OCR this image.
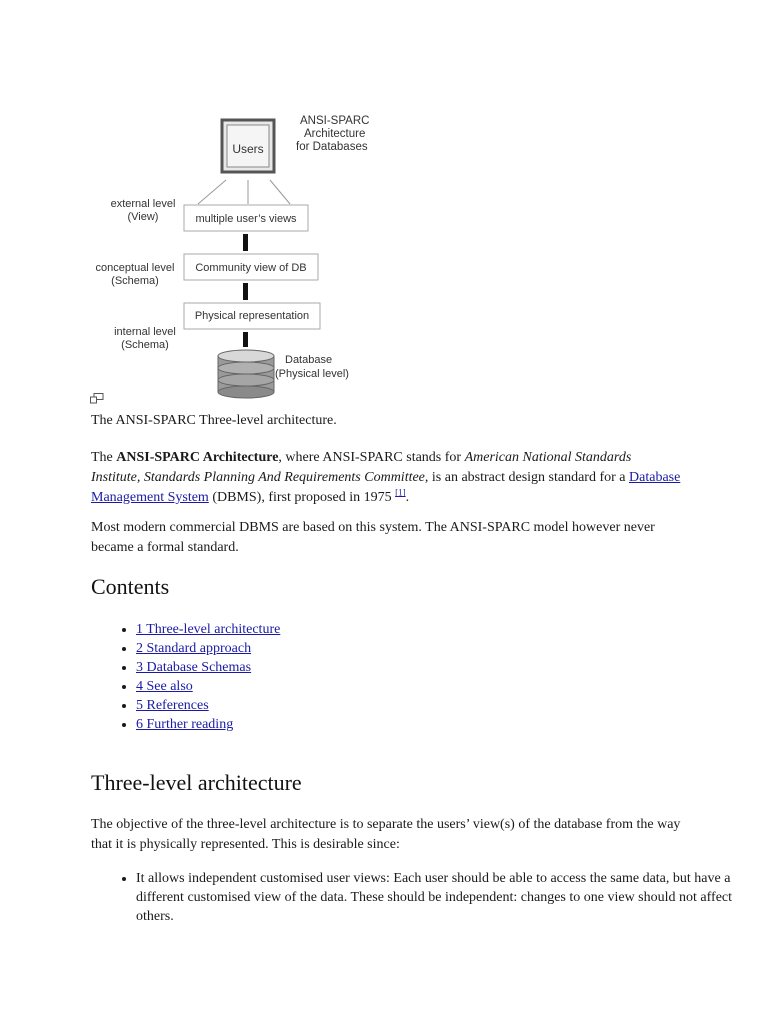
Users
ANSI-SPARC
Architecture
for Databases
external level
(View)	multiple user’s views
conceptual level
(Schema)
Community view of DB
Physical representation
internal level
(Schema)
Database
(Physical level)

The ANSI-SPARC Three-level architecture.

The ANSI-SPARC Architecture, where ANSI-SPARC stands for American National Standards Institute, Standards Planning And Requirements Committee, is an abstract design standard for a Database Management System (DBMS), first proposed in 1975 [1].

Most modern commercial DBMS are based on this system. The ANSI-SPARC model however never became a formal standard.

Contents
• 1 Three-level architecture
• 2 Standard approach
• 3 Database Schemas
• 4 See also
• 5 References
• 6 Further reading
Three-level architecture

The objective of the three-level architecture is to separate the users’ view(s) of the database from the way that it is physically represented. This is desirable since:

• It allows independent customised user views: Each user should be able to access the same data, but have a different customised view of the data. These should be independent: changes to one view should not affect others.
